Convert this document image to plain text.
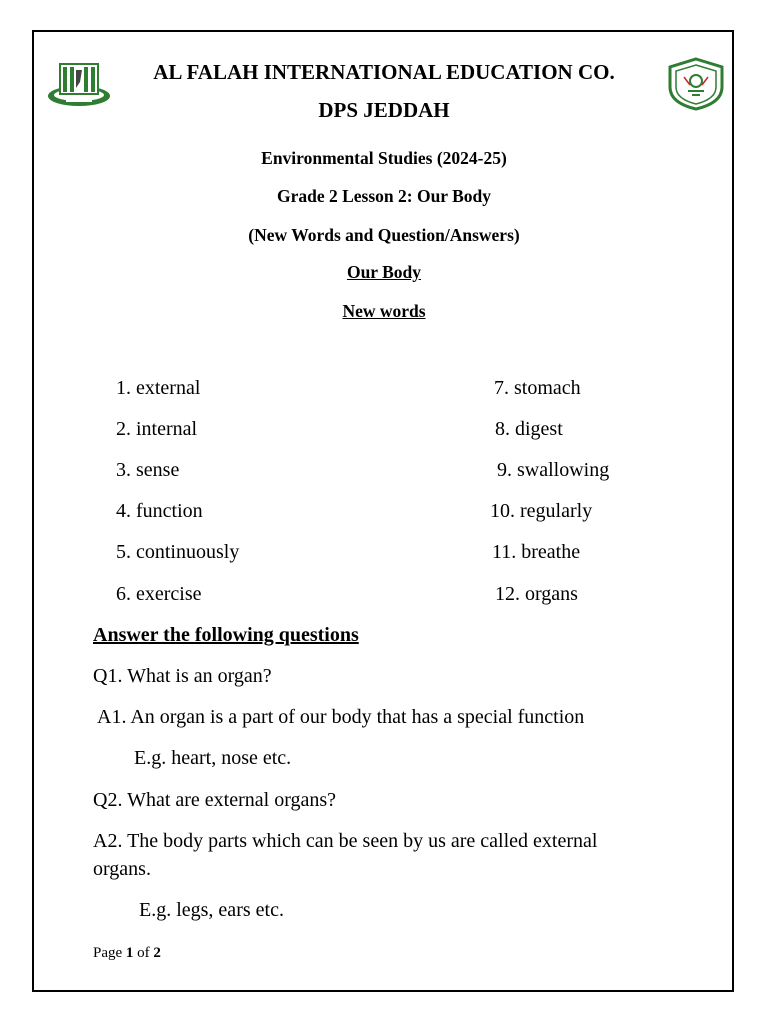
AL FALAH INTERNATIONAL EDUCATION CO.
DPS JEDDAH
Environmental Studies (2024-25)
Grade 2 Lesson 2: Our Body
(New Words and Question/Answers)
Our Body
New words
1. external
2. internal
3. sense
4. function
5. continuously
6. exercise
7. stomach
8. digest
9. swallowing
10. regularly
11. breathe
12. organs
Answer the following questions
Q1. What is an organ?
A1. An organ is a part of our body that has a special function
E.g. heart, nose etc.
Q2. What are external organs?
A2. The body parts which can be seen by us are called external organs.
E.g. legs, ears etc.
Page 1 of 2
